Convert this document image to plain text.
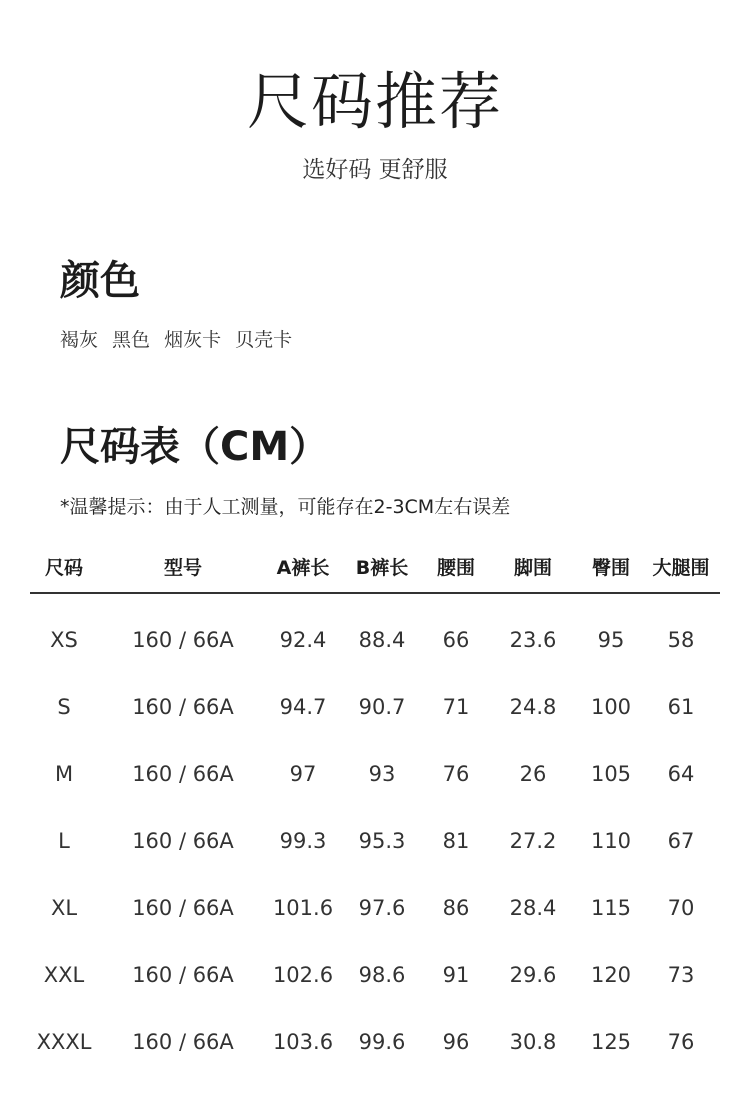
尺码推荐
选好码 更舒服
颜色
褐灰 黑色 烟灰卡 贝壳卡
尺码表（CM）
*温馨提示：由于人工测量，可能存在2-3CM左右误差
尺码	型号	A裤长	B裤长	腰围	脚围	臀围	大腿围
XS	160 / 66A	92.4	88.4	66	23.6	95	58
S	160 / 66A	94.7	90.7	71	24.8	100	61
M	160 / 66A	97	93	76	26	105	64
L	160 / 66A	99.3	95.3	81	27.2	110	67
XL	160 / 66A	101.6	97.6	86	28.4	115	70
XXL	160 / 66A	102.6	98.6	91	29.6	120	73
XXXL	160 / 66A	103.6	99.6	96	30.8	125	76
